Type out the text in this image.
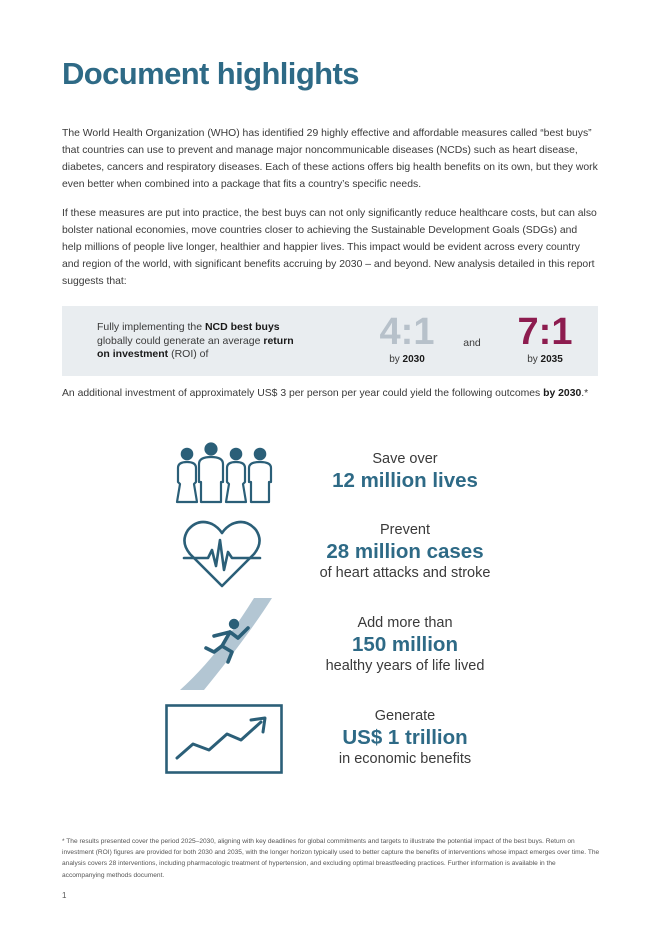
Document highlights

The World Health Organization (WHO) has identified 29 highly effective and affordable measures called “best buys” that countries can use to prevent and manage major noncommunicable diseases (NCDs) such as heart disease, diabetes, cancers and respiratory diseases. Each of these actions offers big health benefits on its own, but they work even better when combined into a package that fits a country’s specific needs.

If these measures are put into practice, the best buys can not only significantly reduce healthcare costs, but can also bolster national economies, move countries closer to achieving the Sustainable Development Goals (SDGs) and help millions of people live longer, healthier and happier lives. This impact would be evident across every country and region of the world, with significant benefits accruing by 2030 – and beyond. New analysis detailed in this report suggests that:

Fully implementing the NCD best buys globally could generate an average return on investment (ROI) of
4:1
by 2030
and 7:1
by 2035

An additional investment of approximately US$ 3 per person per year could yield the following outcomes by 2030.*

Save over
12 million lives
Prevent
28 million cases
of heart attacks and stroke
Add more than
150 million
healthy years of life lived
Generate
US$ 1 trillion
in economic benefits

* The results presented cover the period 2025–2030, aligning with key deadlines for global commitments and targets to illustrate the potential impact of the best buys. Return on investment (ROI) figures are provided for both 2030 and 2035, with the longer horizon typically used to better capture the benefits of interventions whose impact emerges over time. The analysis covers 28 interventions, including pharmacologic treatment of hypertension, and excluding optimal breastfeeding practices. Further information is available in the accompanying methods document.

1
